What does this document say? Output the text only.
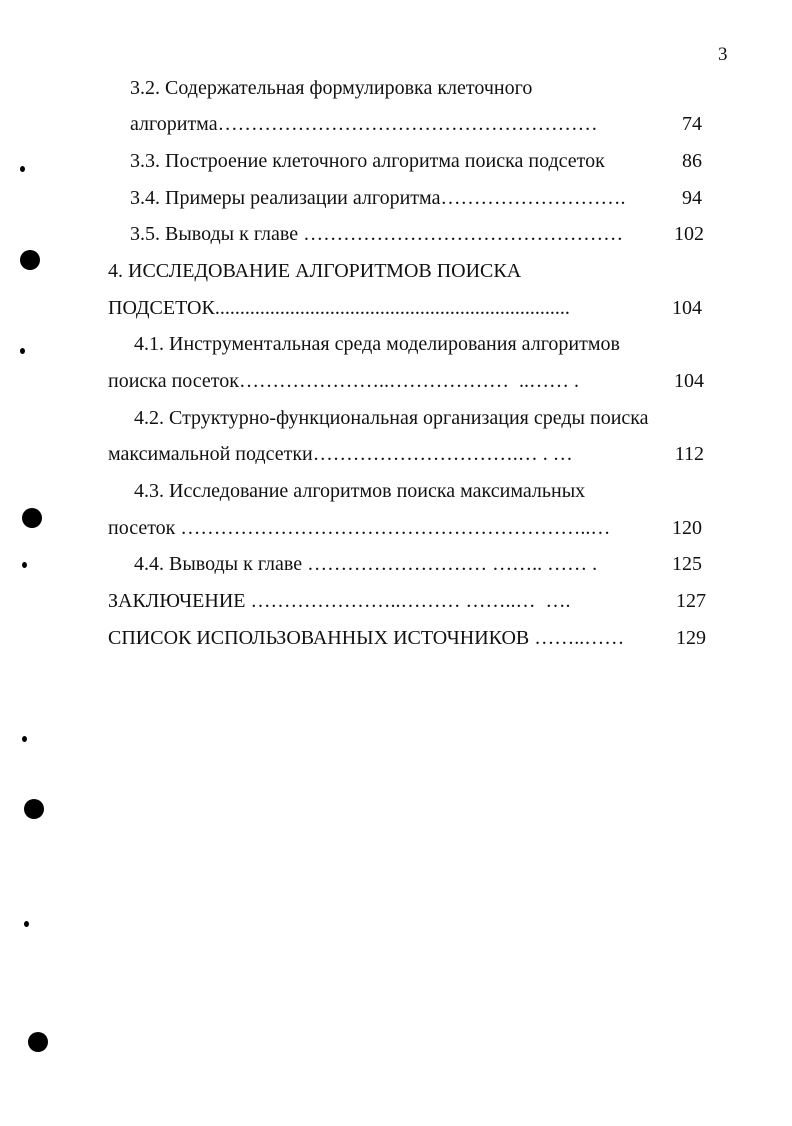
3
3.2. Содержательная формулировка клеточного
алгоритма…………………………………………………	74
3.3. Построение клеточного алгоритма поиска подсеток	86
3.4. Примеры реализации алгоритма……………………….	94
3.5. Выводы к главе …………………………………………	102
4. ИССЛЕДОВАНИЕ АЛГОРИТМОВ ПОИСКА
ПОДСЕТОК.......................................................................	104
4.1. Инструментальная среда моделирования алгоритмов
поиска посеток…………………..………………  ..…… .	104
4.2. Структурно-функциональная организация среды поиска
максимальной подсетки………………………….… . …	112
4.3. Исследование алгоритмов поиска максимальных
посеток ……………………………………………………..…	120
4.4. Выводы к главе ……………………… …….. …… .	125
ЗАКЛЮЧЕНИЕ …………………..……… ……..…  ….	127
СПИСОК ИСПОЛЬЗОВАННЫХ ИСТОЧНИКОВ ……..……	129
